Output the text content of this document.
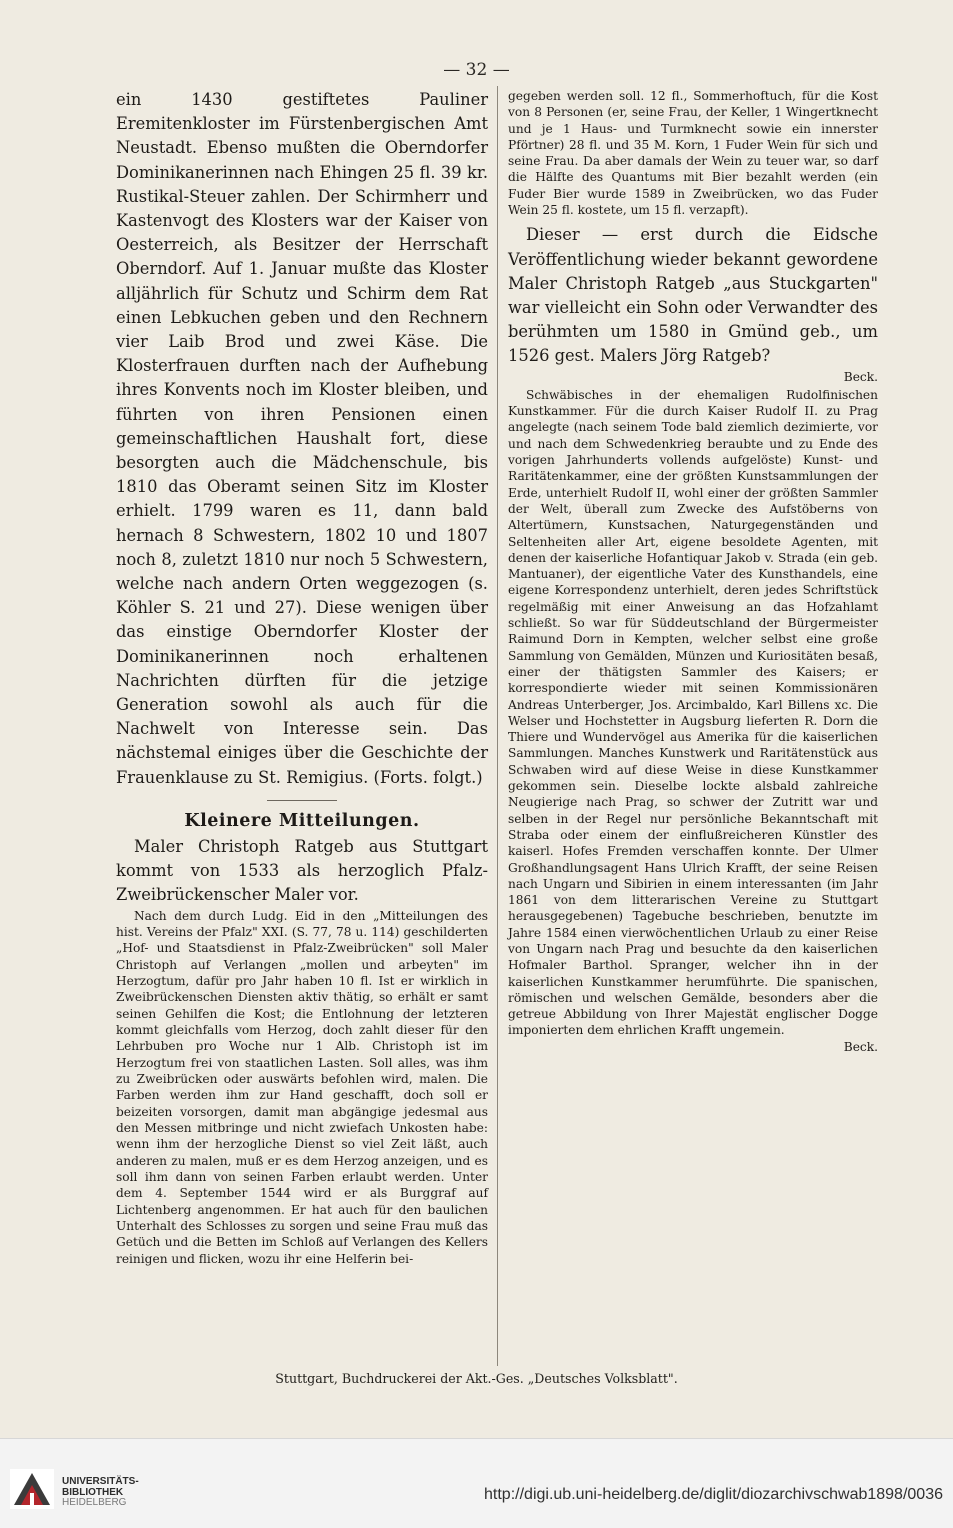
— 32 —

ein 1430 gestiftetes Pauliner Eremitenkloster im Fürstenbergischen Amt Neustadt. Ebenso mußten die Oberndorfer Dominikanerinnen nach Ehingen 25 fl. 39 kr. Rustikal-Steuer zahlen. Der Schirmherr und Kastenvogt des Klosters war der Kaiser von Oesterreich, als Besitzer der Herrschaft Oberndorf. Auf 1. Januar mußte das Kloster alljährlich für Schutz und Schirm dem Rat einen Lebkuchen geben und den Rechnern vier Laib Brod und zwei Käse. Die Klosterfrauen durften nach der Aufhebung ihres Konvents noch im Kloster bleiben, und führten von ihren Pensionen einen gemeinschaftlichen Haushalt fort, diese besorgten auch die Mädchenschule, bis 1810 das Oberamt seinen Sitz im Kloster erhielt. 1799 waren es 11, dann bald hernach 8 Schwestern, 1802 10 und 1807 noch 8, zuletzt 1810 nur noch 5 Schwestern, welche nach andern Orten weggezogen (s. Köhler S. 21 und 27). Diese wenigen über das einstige Oberndorfer Kloster der Dominikanerinnen noch erhaltenen Nachrichten dürften für die jetzige Generation sowohl als auch für die Nachwelt von Interesse sein. Das nächstemal einiges über die Geschichte der Frauenklause zu St. Remigius. (Forts. folgt.)

Kleinere Mitteilungen.

Maler Christoph Ratgeb aus Stuttgart kommt von 1533 als herzoglich Pfalz-Zweibrückenscher Maler vor.

Nach dem durch Ludg. Eid in den „Mitteilungen des hist. Vereins der Pfalz" XXI. (S. 77, 78 u. 114) geschilderten „Hof- und Staatsdienst in Pfalz-Zweibrücken" soll Maler Christoph auf Verlangen „mollen und arbeyten" im Herzogtum, dafür pro Jahr haben 10 fl. Ist er wirklich in Zweibrückenschen Diensten aktiv thätig, so erhält er samt seinen Gehilfen die Kost; die Entlohnung der letzteren kommt gleichfalls vom Herzog, doch zahlt dieser für den Lehrbuben pro Woche nur 1 Alb. Christoph ist im Herzogtum frei von staatlichen Lasten. Soll alles, was ihm zu Zweibrücken oder auswärts befohlen wird, malen. Die Farben werden ihm zur Hand geschafft, doch soll er beizeiten vorsorgen, damit man abgängige jedesmal aus den Messen mitbringe und nicht zwiefach Unkosten habe: wenn ihm der herzogliche Dienst so viel Zeit läßt, auch anderen zu malen, muß er es dem Herzog anzeigen, und es soll ihm dann von seinen Farben erlaubt werden. Unter dem 4. September 1544 wird er als Burggraf auf Lichtenberg angenommen. Er hat auch für den baulichen Unterhalt des Schlosses zu sorgen und seine Frau muß das Getüch und die Betten im Schloß auf Verlangen des Kellers reinigen und flicken, wozu ihr eine Helferin bei-

gegeben werden soll. 12 fl., Sommerhoftuch, für die Kost von 8 Personen (er, seine Frau, der Keller, 1 Wingertknecht und je 1 Haus- und Turmknecht sowie ein innerster Pförtner) 28 fl. und 35 M. Korn, 1 Fuder Wein für sich und seine Frau. Da aber damals der Wein zu teuer war, so darf die Hälfte des Quantums mit Bier bezahlt werden (ein Fuder Bier wurde 1589 in Zweibrücken, wo das Fuder Wein 25 fl. kostete, um 15 fl. verzapft).

Dieser — erst durch die Eidsche Veröffentlichung wieder bekannt gewordene Maler Christoph Ratgeb „aus Stuckgarten" war vielleicht ein Sohn oder Verwandter des berühmten um 1580 in Gmünd geb., um 1526 gest. Malers Jörg Ratgeb?

Beck.

Schwäbisches in der ehemaligen Rudolfinischen Kunstkammer. Für die durch Kaiser Rudolf II. zu Prag angelegte (nach seinem Tode bald ziemlich dezimierte, vor und nach dem Schwedenkrieg beraubte und zu Ende des vorigen Jahrhunderts vollends aufgelöste) Kunst- und Raritätenkammer, eine der größten Kunstsammlungen der Erde, unterhielt Rudolf II, wohl einer der größten Sammler der Welt, überall zum Zwecke des Aufstöberns von Altertümern, Kunstsachen, Naturgegenständen und Seltenheiten aller Art, eigene besoldete Agenten, mit denen der kaiserliche Hofantiquar Jakob v. Strada (ein geb. Mantuaner), der eigentliche Vater des Kunsthandels, eine eigene Korrespondenz unterhielt, deren jedes Schriftstück regelmäßig mit einer Anweisung an das Hofzahlamt schließt. So war für Süddeutschland der Bürgermeister Raimund Dorn in Kempten, welcher selbst eine große Sammlung von Gemälden, Münzen und Kuriositäten besaß, einer der thätigsten Sammler des Kaisers; er korrespondierte wieder mit seinen Kommissionären Andreas Unterberger, Jos. Arcimbaldo, Karl Billens xc. Die Welser und Hochstetter in Augsburg lieferten R. Dorn die Thiere und Wundervögel aus Amerika für die kaiserlichen Sammlungen. Manches Kunstwerk und Raritätenstück aus Schwaben wird auf diese Weise in diese Kunstkammer gekommen sein. Dieselbe lockte alsbald zahlreiche Neugierige nach Prag, so schwer der Zutritt war und selben in der Regel nur persönliche Bekanntschaft mit Straba oder einem der einflußreicheren Künstler des kaiserl. Hofes Fremden verschaffen konnte. Der Ulmer Großhandlungsagent Hans Ulrich Krafft, der seine Reisen nach Ungarn und Sibirien in einem interessanten (im Jahr 1861 von dem litterarischen Vereine zu Stuttgart herausgegebenen) Tagebuche beschrieben, benutzte im Jahre 1584 einen vierwöchentlichen Urlaub zu einer Reise von Ungarn nach Prag und besuchte da den kaiserlichen Hofmaler Barthol. Spranger, welcher ihn in der kaiserlichen Kunstkammer herumführte. Die spanischen, römischen und welschen Gemälde, besonders aber die getreue Abbildung von Ihrer Majestät englischer Dogge imponierten dem ehrlichen Krafft ungemein.

Beck.

Stuttgart, Buchdruckerei der Akt.-Ges. „Deutsches Volksblatt".
UNIVERSITÄTS-
BIBLIOTHEK
HEIDELBERG	http://digi.ub.uni-heidelberg.de/diglit/diozarchivschwab1898/0036
